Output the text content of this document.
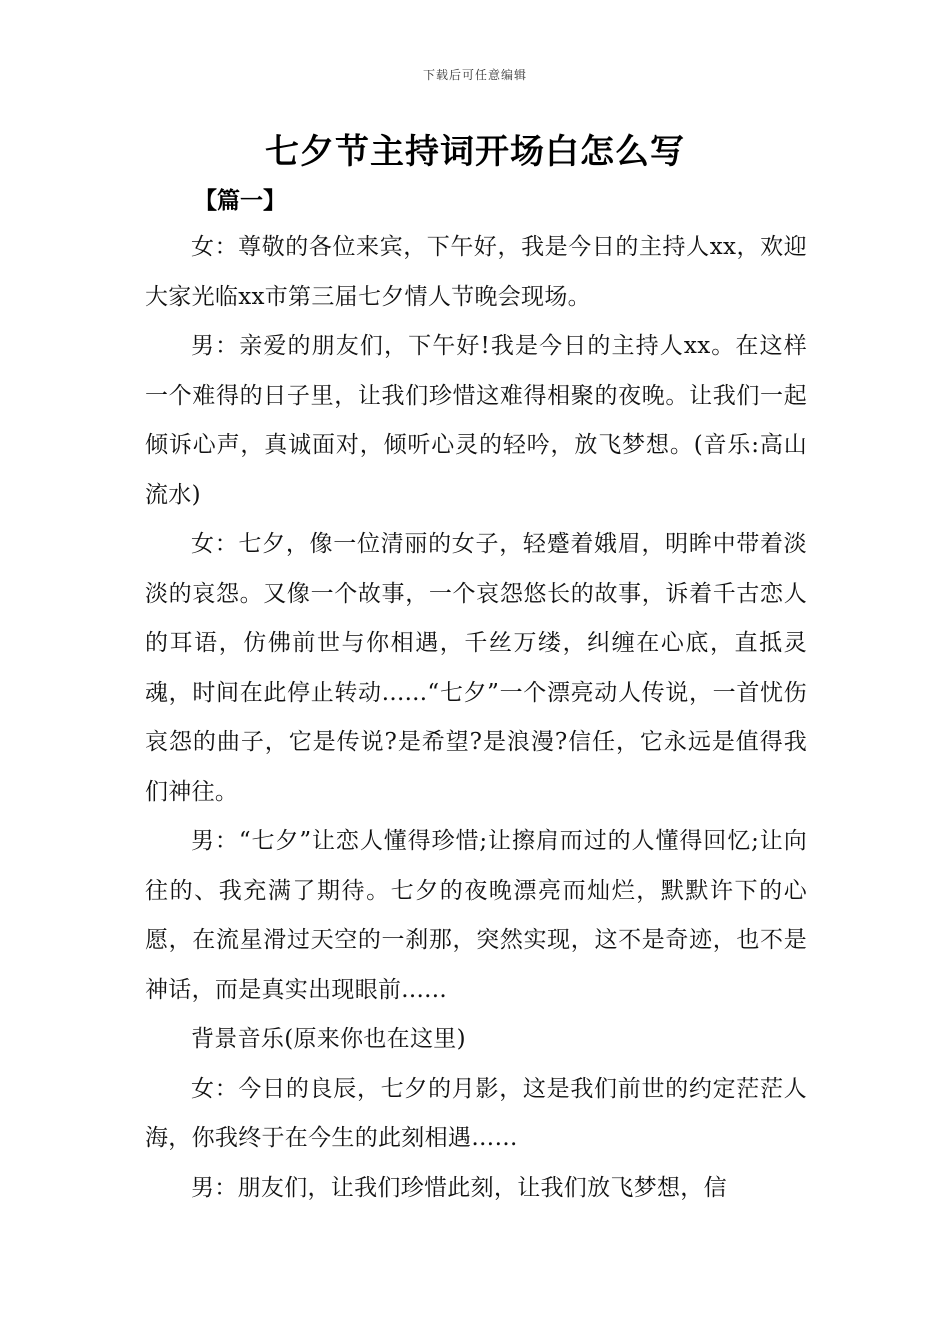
下载后可任意编辑
七夕节主持词开场白怎么写
【篇一】

女：尊敬的各位来宾，下午好，我是今日的主持人xx，欢迎大家光临xx市第三届七夕情人节晚会现场。

男：亲爱的朋友们，下午好!我是今日的主持人xx。在这样一个难得的日子里，让我们珍惜这难得相聚的夜晚。让我们一起倾诉心声，真诚面对，倾听心灵的轻吟，放飞梦想。(音乐:高山流水)

女：七夕，像一位清丽的女子，轻蹙着娥眉，明眸中带着淡淡的哀怨。又像一个故事，一个哀怨悠长的故事，诉着千古恋人的耳语，仿佛前世与你相遇，千丝万缕，纠缠在心底，直抵灵魂，时间在此停止转动......“七夕”一个漂亮动人传说，一首忧伤哀怨的曲子，它是传说?是希望?是浪漫?信任，它永远是值得我们神往。

男：“七夕”让恋人懂得珍惜;让擦肩而过的人懂得回忆;让向往的、我充满了期待。七夕的夜晚漂亮而灿烂，默默许下的心愿，在流星滑过天空的一刹那，突然实现，这不是奇迹，也不是神话，而是真实出现眼前......

背景音乐(原来你也在这里)

女：今日的良辰，七夕的月影，这是我们前世的约定茫茫人海，你我终于在今生的此刻相遇……

男：朋友们，让我们珍惜此刻，让我们放飞梦想，信
